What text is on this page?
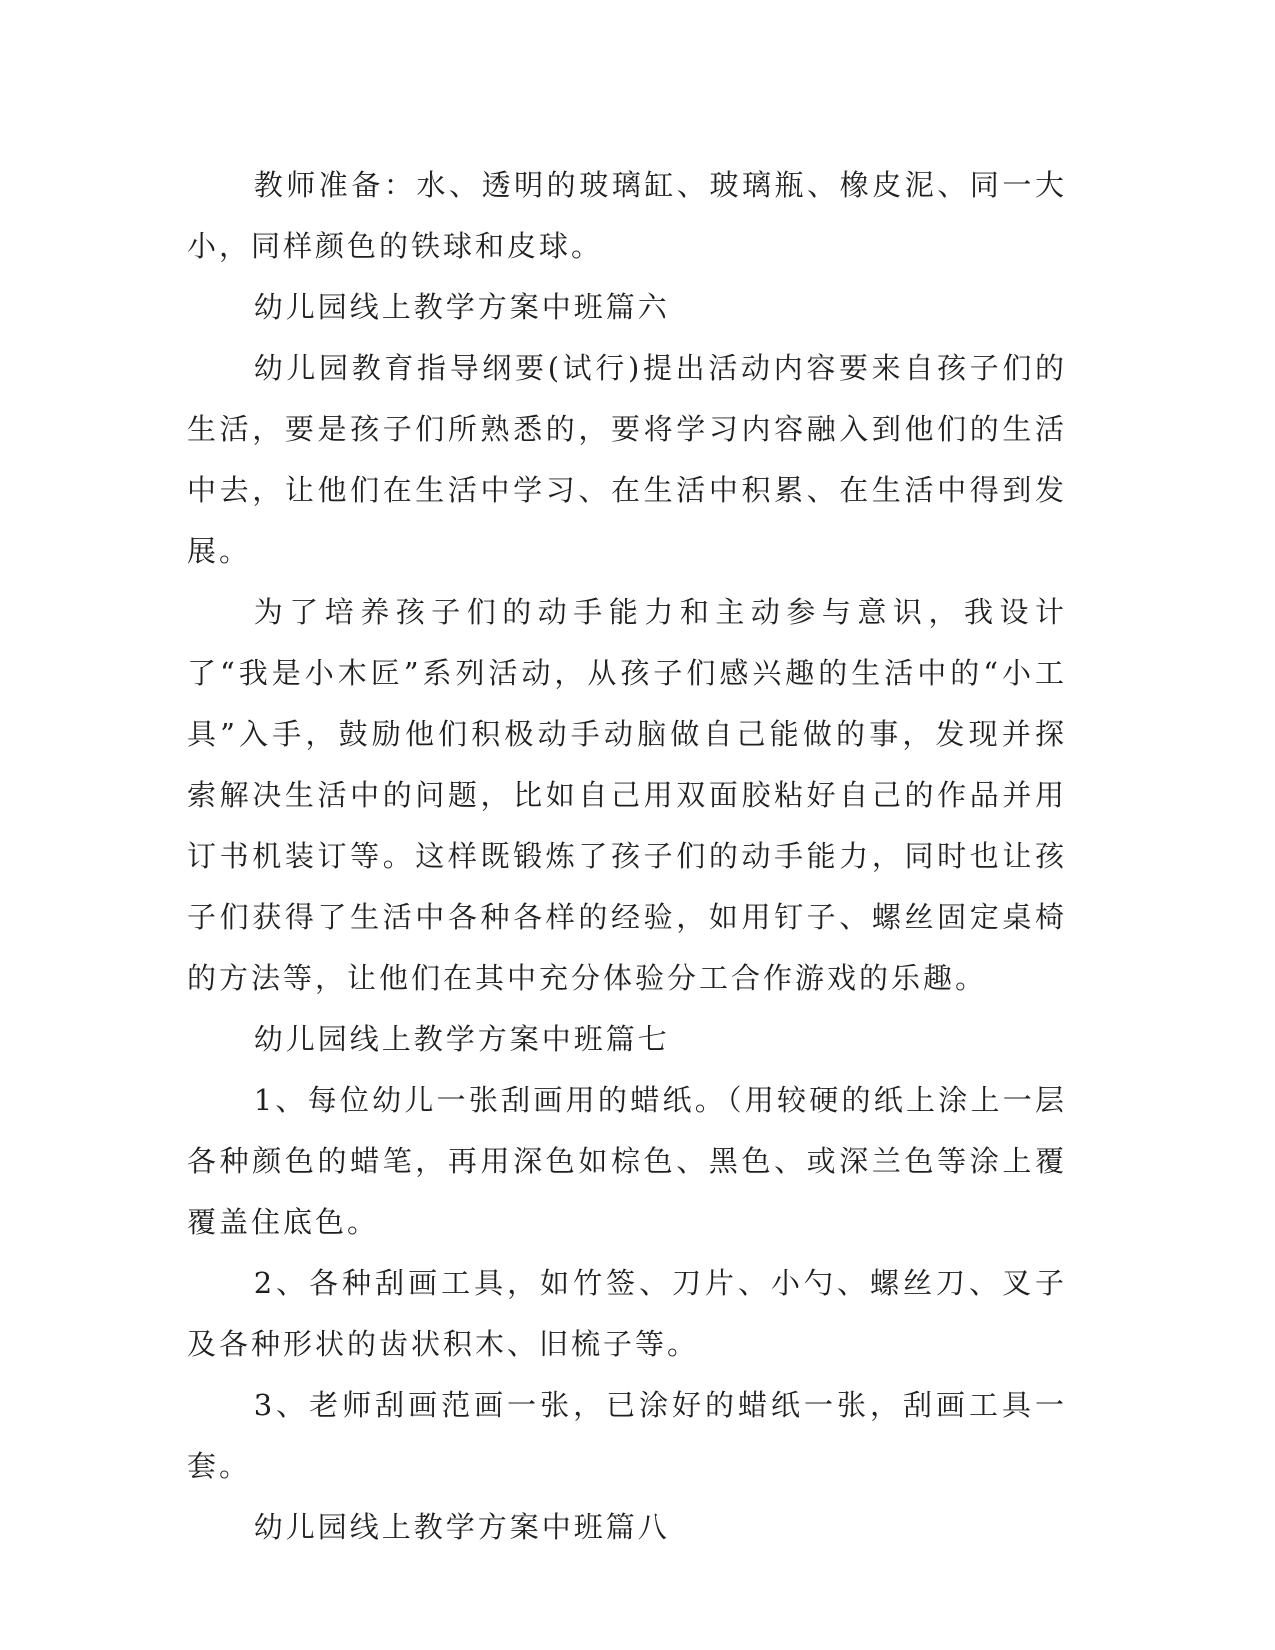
教师准备：水、透明的玻璃缸、玻璃瓶、橡皮泥、同一大小，同样颜色的铁球和皮球。

幼儿园线上教学方案中班篇六

幼儿园教育指导纲要(试行)提出活动内容要来自孩子们的生活，要是孩子们所熟悉的，要将学习内容融入到他们的生活中去，让他们在生活中学习、在生活中积累、在生活中得到发展。

为了培养孩子们的动手能力和主动参与意识，我设计了“我是小木匠”系列活动，从孩子们感兴趣的生活中的“小工具”入手，鼓励他们积极动手动脑做自己能做的事，发现并探索解决生活中的问题，比如自己用双面胶粘好自己的作品并用订书机装订等。这样既锻炼了孩子们的动手能力，同时也让孩子们获得了生活中各种各样的经验，如用钉子、螺丝固定桌椅的方法等，让他们在其中充分体验分工合作游戏的乐趣。

幼儿园线上教学方案中班篇七

1、每位幼儿一张刮画用的蜡纸。（用较硬的纸上涂上一层各种颜色的蜡笔，再用深色如棕色、黑色、或深兰色等涂上覆覆盖住底色。

2、各种刮画工具，如竹签、刀片、小勺、螺丝刀、叉子及各种形状的齿状积木、旧梳子等。

3、老师刮画范画一张，已涂好的蜡纸一张，刮画工具一套。

幼儿园线上教学方案中班篇八
